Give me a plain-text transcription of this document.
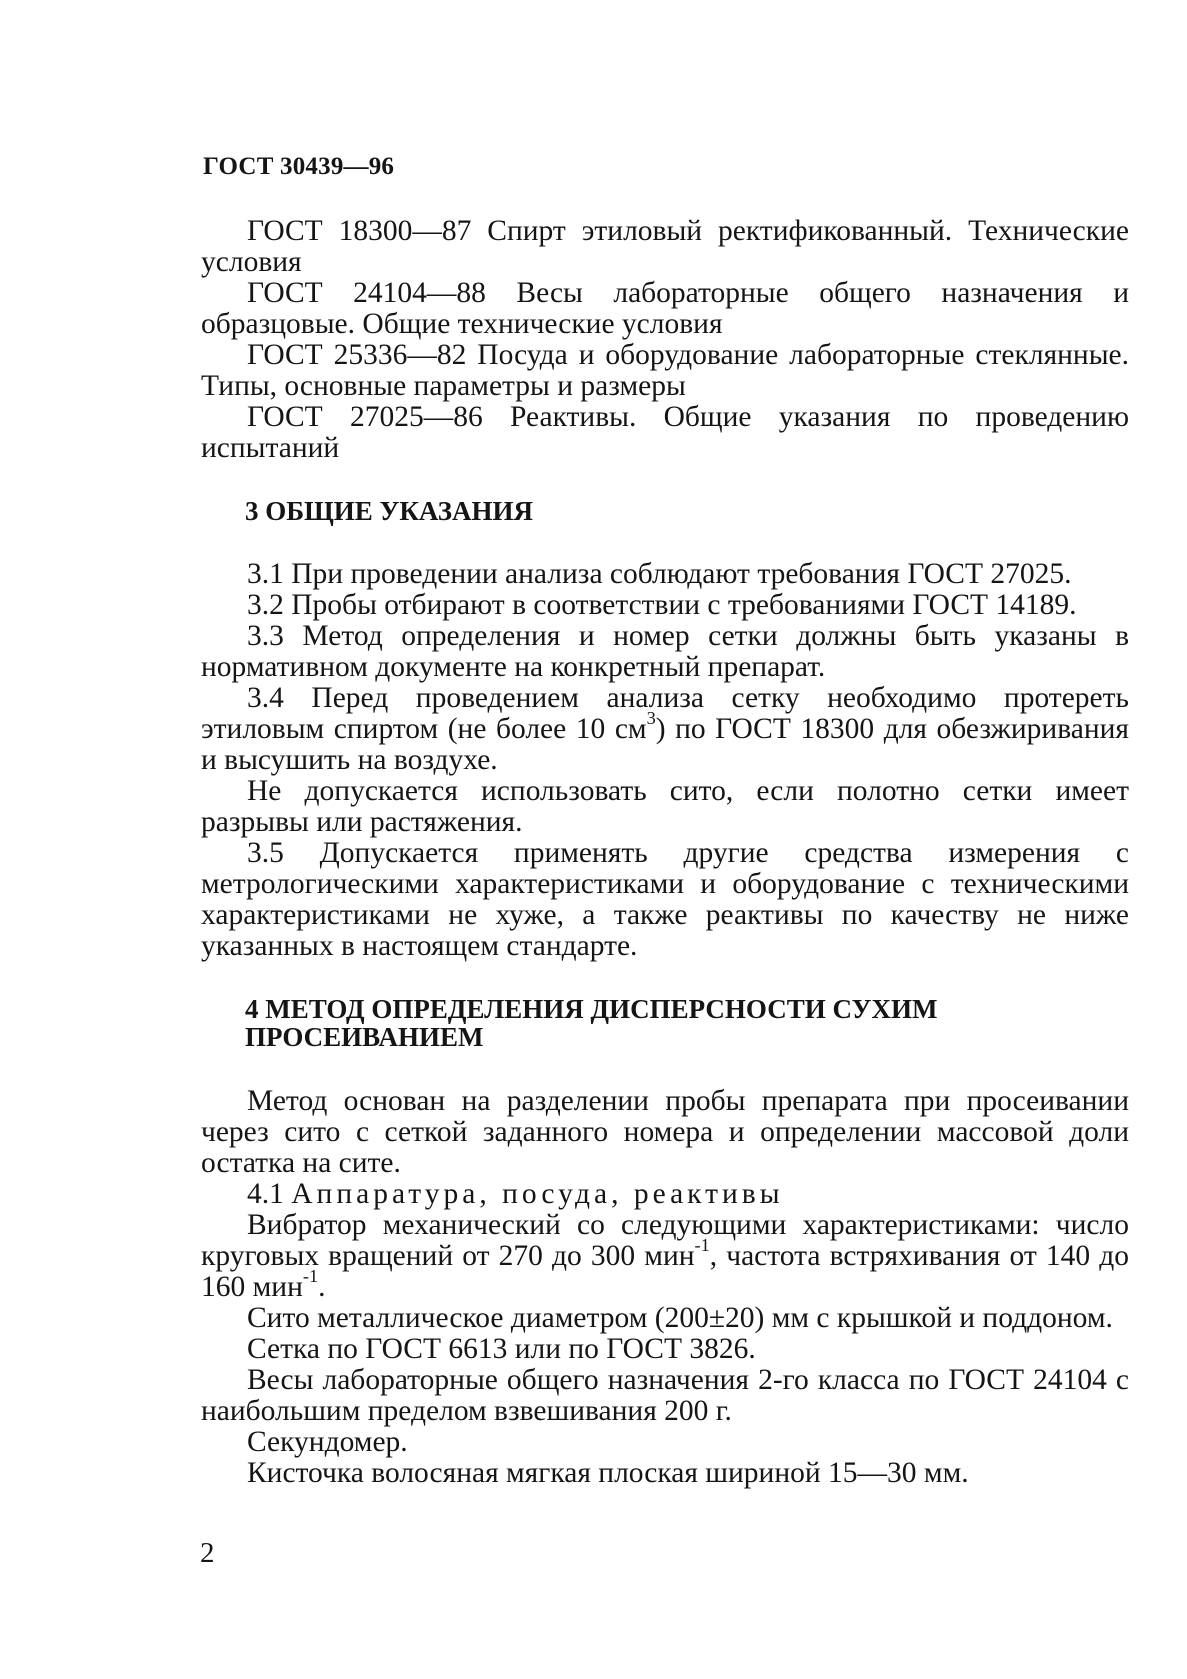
ГОСТ 30439—96

ГОСТ 18300—87 Спирт этиловый ректификованный. Технические условия

ГОСТ 24104—88 Весы лабораторные общего назначения и образцовые. Общие технические условия

ГОСТ 25336—82 Посуда и оборудование лабораторные стеклянные. Типы, основные параметры и размеры

ГОСТ 27025—86 Реактивы. Общие указания по проведению испытаний

3 ОБЩИЕ УКАЗАНИЯ

3.1 При проведении анализа соблюдают требования ГОСТ 27025.

3.2 Пробы отбирают в соответствии с требованиями ГОСТ 14189.

3.3 Метод определения и номер сетки должны быть указаны в нормативном документе на конкретный препарат.

3.4 Перед проведением анализа сетку необходимо протереть этиловым спиртом (не более 10 $см^3$) по ГОСТ 18300 для обезжиривания и высушить на воздухе.

Не допускается использовать сито, если полотно сетки имеет разрывы или растяжения.

3.5 Допускается применять другие средства измерения с метрологическими характеристиками и оборудование с техническими характеристиками не хуже, а также реактивы по качеству не ниже указанных в настоящем стандарте.

4 МЕТОД ОПРЕДЕЛЕНИЯ ДИСПЕРСНОСТИ СУХИМ
ПРОСЕИВАНИЕМ

Метод основан на разделении пробы препарата при просеивании через сито с сеткой заданного номера и определении массовой доли остатка на сите.

4.1 Аппаратура, посуда, реактивы

Вибратор механический со следующими характеристиками: число круговых вращений от 270 до 300 мин$^{-1}$, частота встряхивания от 140 до 160 мин$^{-1}$.

Сито металлическое диаметром (200±20) мм с крышкой и поддоном.

Сетка по ГОСТ 6613 или по ГОСТ 3826.

Весы лабораторные общего назначения 2-го класса по ГОСТ 24104 с наибольшим пределом взвешивания 200 г.

Секундомер.

Кисточка волосяная мягкая плоская шириной 15—30 мм.

2
